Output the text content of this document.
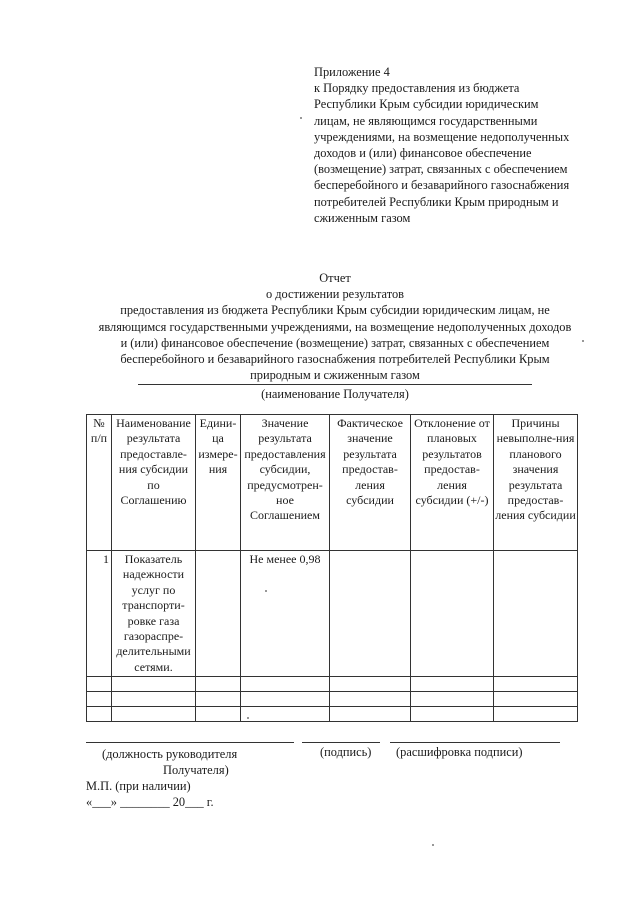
Приложение 4
к Порядку предоставления из бюджета
Республики Крым субсидии юридическим
лицам, не являющимся государственными
учреждениями, на возмещение недополученных
доходов и (или) финансовое обеспечение
(возмещение) затрат, связанных с обеспечением
бесперебойного и безаварийного газоснабжения
потребителей Республики Крым природным и
сжиженным газом
Отчет
о достижении результатов
предоставления из бюджета Республики Крым субсидии юридическим лицам, не
являющимся государственными учреждениями, на возмещение недополученных доходов
и (или) финансовое обеспечение (возмещение) затрат, связанных с обеспечением
бесперебойного и безаварийного газоснабжения потребителей Республики Крым
природным и сжиженным газом
(наименование Получателя)
№ п/п	Наименование результата предоставле-ния субсидии по Соглашению	Едини-ца измере-ния	Значение результата предоставления субсидии, предусмотрен-ное Соглашением	Фактическое значение результата предостав-ления субсидии	Отклонение от плановых результатов предостав-ления субсидии (+/-)	Причины невыполне-ния планового значения результата предостав-ления субсидии
1	Показатель надежности услуг по транспорти-ровке газа газораспре-делительными сетями.		Не менее 0,98			

(должность руководителя
Получателя)
(подпись) (расшифровка подписи)
М.П. (при наличии)
«___» ________ 20___ г.
